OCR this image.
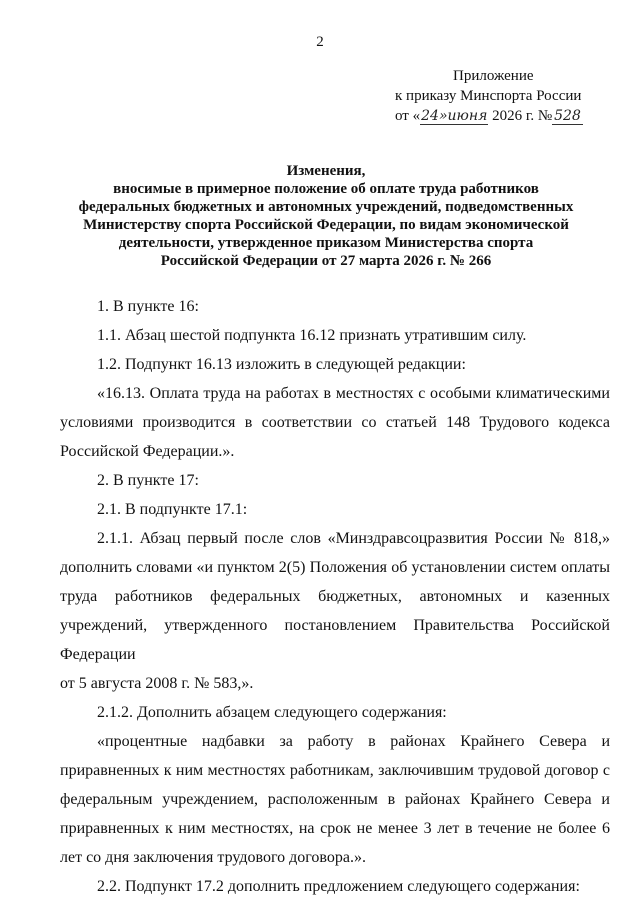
2
Приложение
к приказу Минспорта России
от «24»июня 2026 г. № 528
Изменения,
вносимые в примерное положение об оплате труда работников
федеральных бюджетных и автономных учреждений, подведомственных
Министерству спорта Российской Федерации, по видам экономической
деятельности, утвержденное приказом Министерства спорта
Российской Федерации от 27 марта 2026 г. № 266

1. В пункте 16:

1.1. Абзац шестой подпункта 16.12 признать утратившим силу.

1.2. Подпункт 16.13 изложить в следующей редакции:

«16.13. Оплата труда на работах в местностях с особыми климатическими условиями производится в соответствии со статьей 148 Трудового кодекса Российской Федерации.».

2. В пункте 17:

2.1. В подпункте 17.1:

2.1.1. Абзац первый после слов «Минздравсоцразвития России № 818,» дополнить словами «и пунктом 2(5) Положения об установлении систем оплаты труда работников федеральных бюджетных, автономных и казенных учреждений, утвержденного постановлением Правительства Российской Федерации

от 5 августа 2008 г. № 583,».

2.1.2. Дополнить абзацем следующего содержания:

«процентные надбавки за работу в районах Крайнего Севера и приравненных к ним местностях работникам, заключившим трудовой договор с федеральным учреждением, расположенным в районах Крайнего Севера и приравненных к ним местностях, на срок не менее 3 лет в течение не более 6 лет со дня заключения трудового договора.».

2.2. Подпункт 17.2 дополнить предложением следующего содержания:
